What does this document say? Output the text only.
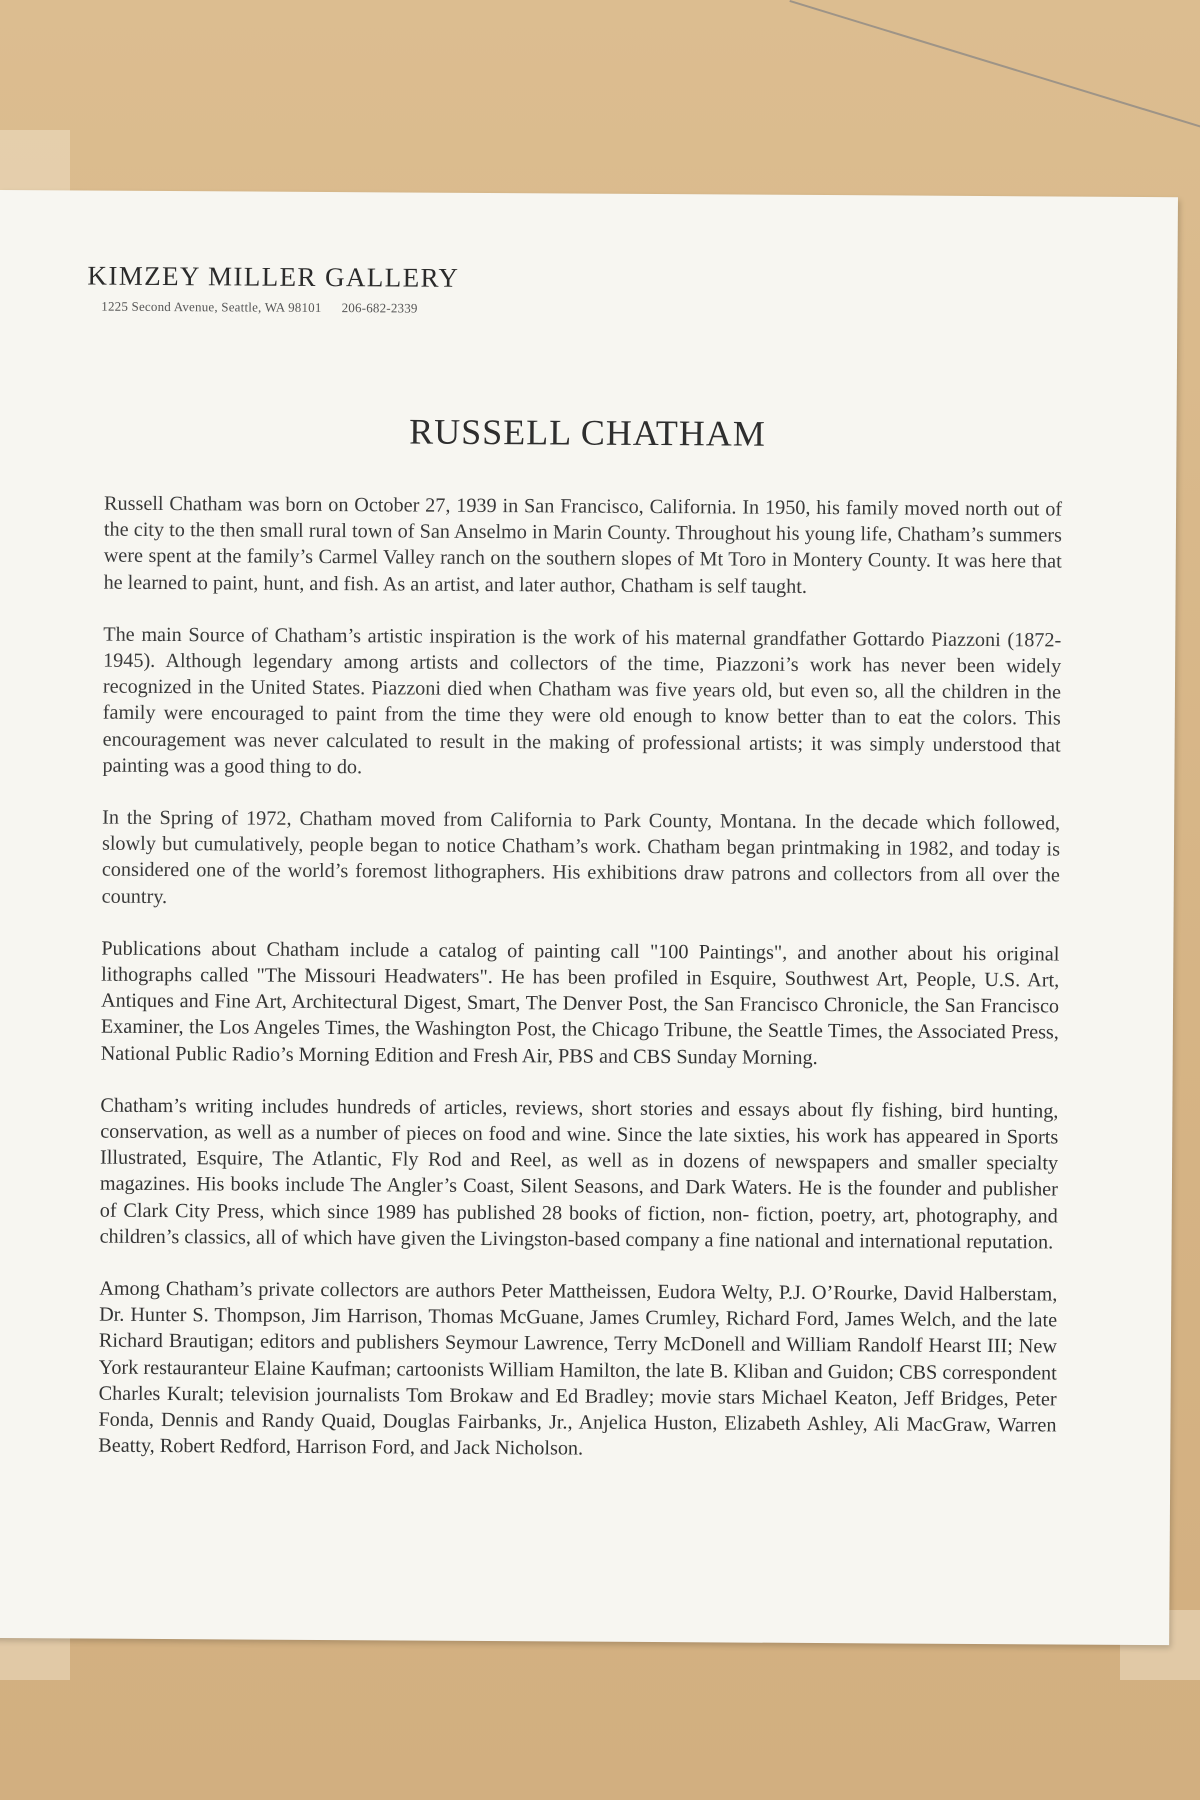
KIMZEY MILLER GALLERY
1225 Second Avenue, Seattle, WA 98101 206-682-2339
RUSSELL CHATHAM

Russell Chatham was born on October 27, 1939 in San Francisco, California. In 1950, his family moved north out of the city to the then small rural town of San Anselmo in Marin County. Throughout his young life, Chatham’s summers were spent at the family’s Carmel Valley ranch on the southern slopes of Mt Toro in Montery County. It was here that he learned to paint, hunt, and fish. As an artist, and later author, Chatham is self taught.

The main Source of Chatham’s artistic inspiration is the work of his maternal grandfather Gottardo Piazzoni (1872-1945). Although legendary among artists and collectors of the time, Piazzoni’s work has never been widely recognized in the United States. Piazzoni died when Chatham was five years old, but even so, all the children in the family were encouraged to paint from the time they were old enough to know better than to eat the colors. This encouragement was never calculated to result in the making of professional artists; it was simply understood that painting was a good thing to do.

In the Spring of 1972, Chatham moved from California to Park County, Montana. In the decade which followed, slowly but cumulatively, people began to notice Chatham’s work. Chatham began printmaking in 1982, and today is considered one of the world’s foremost lithographers. His exhibitions draw patrons and collectors from all over the country.

Publications about Chatham include a catalog of painting call "100 Paintings", and another about his original lithographs called "The Missouri Headwaters". He has been profiled in Esquire, Southwest Art, People, U.S. Art, Antiques and Fine Art, Architectural Digest, Smart, The Denver Post, the San Francisco Chronicle, the San Francisco Examiner, the Los Angeles Times, the Washington Post, the Chicago Tribune, the Seattle Times, the Associated Press, National Public Radio’s Morning Edition and Fresh Air, PBS and CBS Sunday Morning.

Chatham’s writing includes hundreds of articles, reviews, short stories and essays about fly fishing, bird hunting, conservation, as well as a number of pieces on food and wine. Since the late sixties, his work has appeared in Sports Illustrated, Esquire, The Atlantic, Fly Rod and Reel, as well as in dozens of newspapers and smaller specialty magazines. His books include The Angler’s Coast, Silent Seasons, and Dark Waters. He is the founder and publisher of Clark City Press, which since 1989 has published 28 books of fiction, non- fiction, poetry, art, photography, and children’s classics, all of which have given the Livingston-based company a fine national and international reputation.

Among Chatham’s private collectors are authors Peter Mattheissen, Eudora Welty, P.J. O’Rourke, David Halberstam, Dr. Hunter S. Thompson, Jim Harrison, Thomas McGuane, James Crumley, Richard Ford, James Welch, and the late Richard Brautigan; editors and publishers Seymour Lawrence, Terry McDonell and William Randolf Hearst III; New York restauranteur Elaine Kaufman; cartoonists William Hamilton, the late B. Kliban and Guidon; CBS correspondent Charles Kuralt; television journalists Tom Brokaw and Ed Bradley; movie stars Michael Keaton, Jeff Bridges, Peter Fonda, Dennis and Randy Quaid, Douglas Fairbanks, Jr., Anjelica Huston, Elizabeth Ashley, Ali MacGraw, Warren Beatty, Robert Redford, Harrison Ford, and Jack Nicholson.
